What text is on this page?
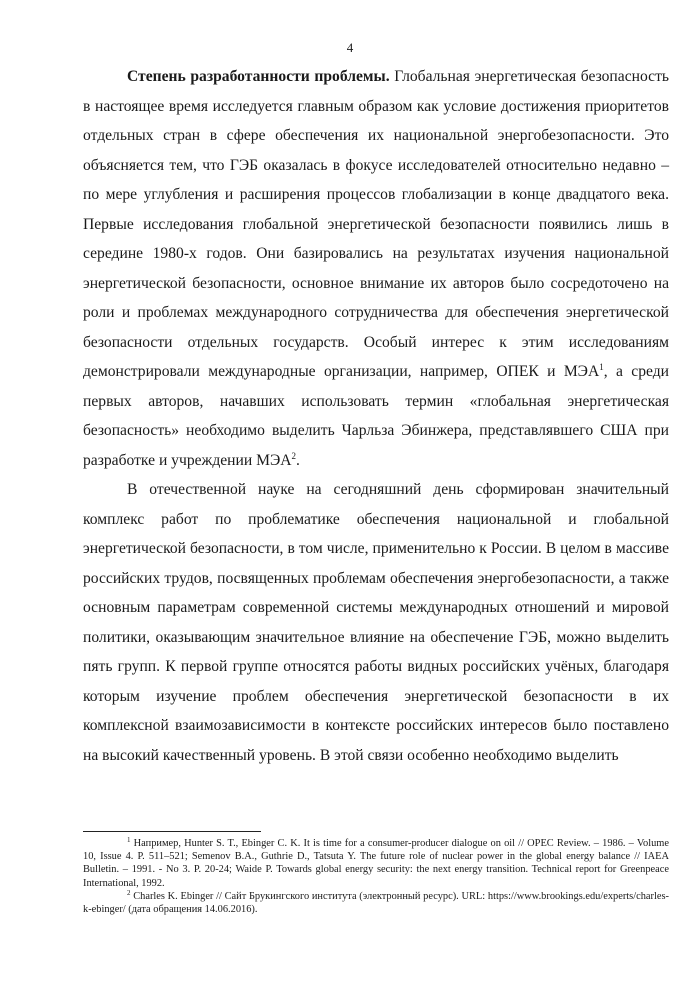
4

Степень разработанности проблемы. Глобальная энергетическая безопасность в настоящее время исследуется главным образом как условие достижения приоритетов отдельных стран в сфере обеспечения их национальной энергобезопасности. Это объясняется тем, что ГЭБ оказалась в фокусе исследователей относительно недавно – по мере углубления и расширения процессов глобализации в конце двадцатого века. Первые исследования глобальной энергетической безопасности появились лишь в середине 1980-х годов. Они базировались на результатах изучения национальной энергетической безопасности, основное внимание их авторов было сосредоточено на роли и проблемах международного сотрудничества для обеспечения энергетической безопасности отдельных государств. Особый интерес к этим исследованиям демонстрировали международные организации, например, ОПЕК и МЭА$^1$, а среди первых авторов, начавших использовать термин «глобальная энергетическая безопасность» необходимо выделить Чарльза Эбинжера, представлявшего США при разработке и учреждении МЭА$^2$.

В отечественной науке на сегодняшний день сформирован значительный комплекс работ по проблематике обеспечения национальной и глобальной энергетической безопасности, в том числе, применительно к России. В целом в массиве российских трудов, посвященных проблемам обеспечения энергобезопасности, а также основным параметрам современной системы международных отношений и мировой политики, оказывающим значительное влияние на обеспечение ГЭБ, можно выделить пять групп. К первой группе относятся работы видных российских учёных, благодаря которым изучение проблем обеспечения энергетической безопасности в их комплексной взаимозависимости в контексте российских интересов было поставлено на высокий качественный уровень. В этой связи особенно необходимо выделить

$^1$ Например, Hunter S. T., Ebinger C. K. It is time for a consumer-producer dialogue on oil // OPEC Review. – 1986. – Volume 10, Issue 4. P. 511–521; Semenov B.A., Guthrie D., Tatsuta Y. The future role of nuclear power in the global energy balance // IAEA Bulletin. – 1991. - No 3. P. 20-24; Waide P. Towards global energy security: the next energy transition. Technical report for Greenpeace International, 1992.

$^2$ Charles K. Ebinger // Сайт Брукингского института (электронный ресурс). URL: https://www.brookings.edu/experts/charles-k-ebinger/ (дата обращения 14.06.2016).
